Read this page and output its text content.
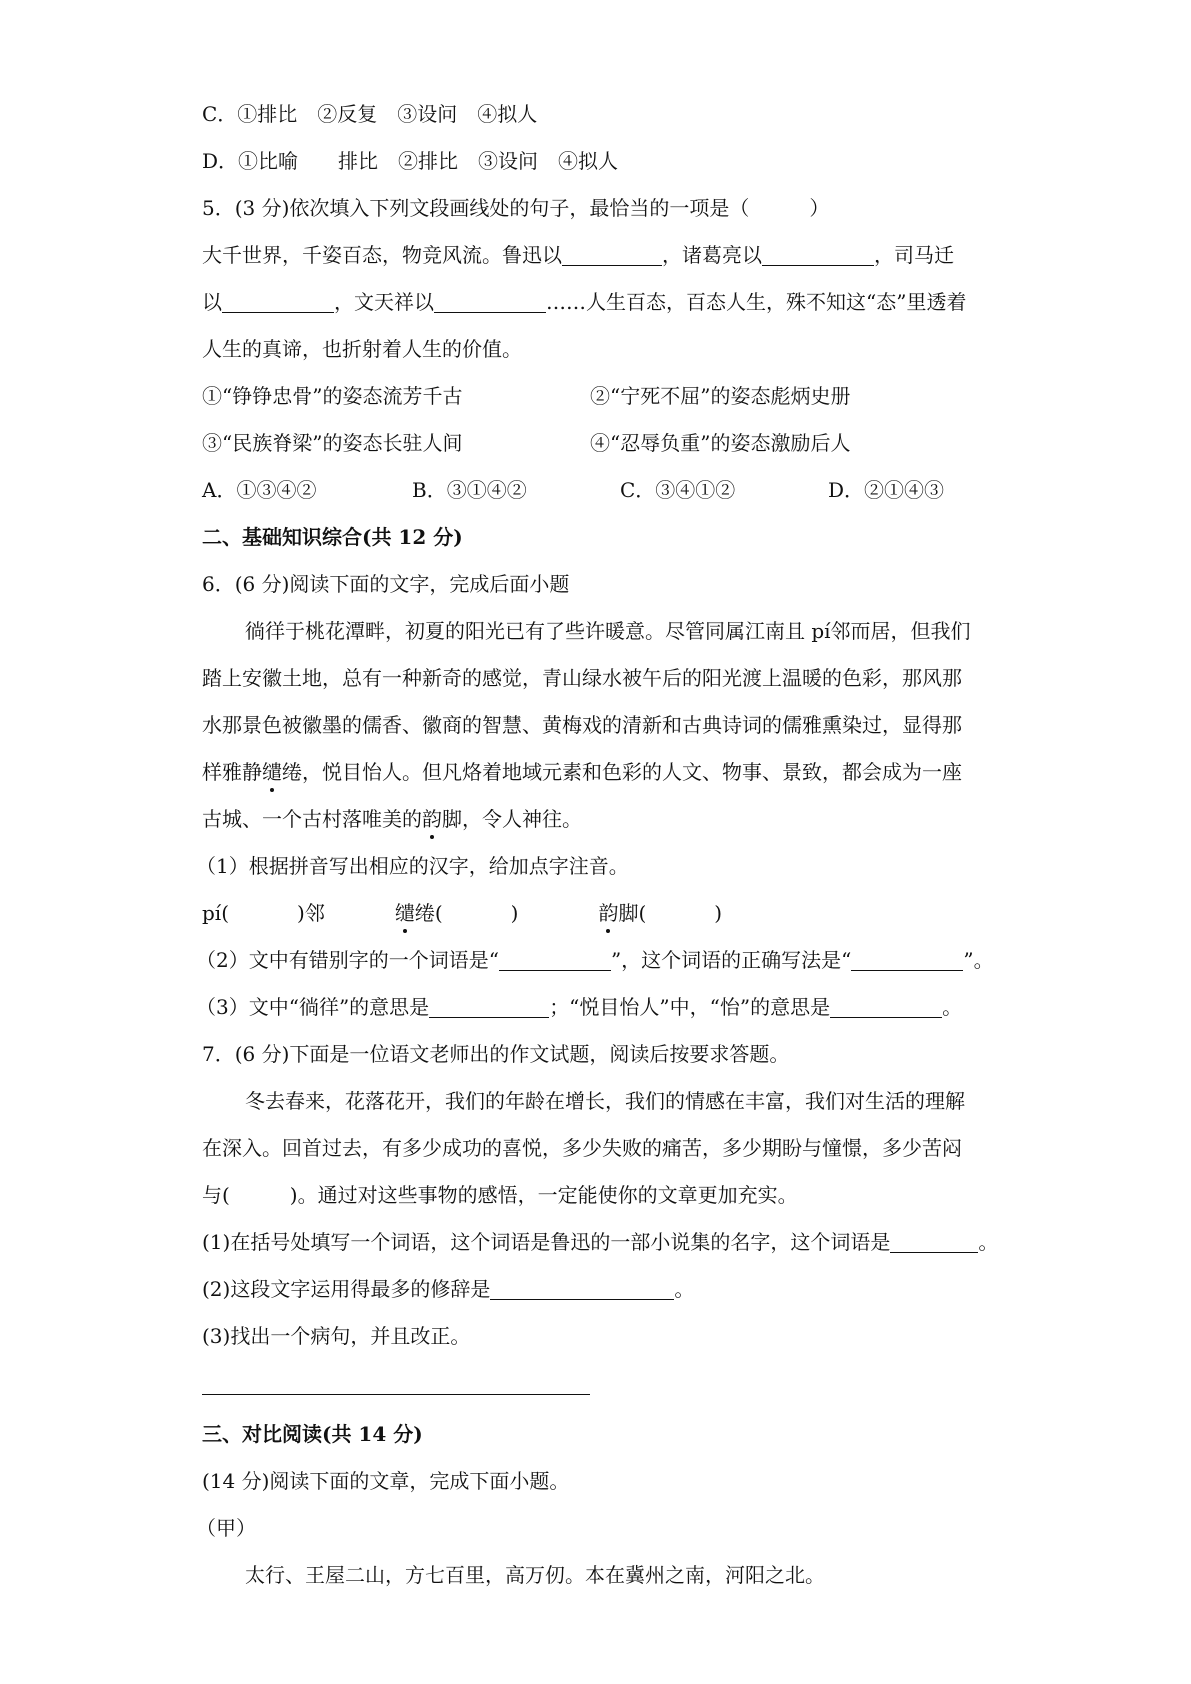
C．①排比　②反复　③设问　④拟人
D．①比喻　　排比　②排比　③设问　④拟人
5．(3 分)依次填入下列文段画线处的句子，最恰当的一项是（　　　）
大千世界，千姿百态，物竞风流。鲁迅以	，诸葛亮以	，司马迁
以	，文天祥以	……人生百态，百态人生，殊不知这“态”里透着
人生的真谛，也折射着人生的价值。
①“铮铮忠骨”的姿态流芳千古	②“宁死不屈”的姿态彪炳史册
③“民族脊梁”的姿态长驻人间	④“忍辱负重”的姿态激励后人
A．①③④②	B．③①④②	C．③④①②	D．②①④③
二、基础知识综合(共 12 分)
6．(6 分)阅读下面的文字，完成后面小题
徜徉于桃花潭畔，初夏的阳光已有了些许暖意。尽管同属江南且 pí邻而居，但我们
踏上安徽土地，总有一种新奇的感觉，青山绿水被午后的阳光渡上温暖的色彩，那风那
水那景色被徽墨的儒香、徽商的智慧、黄梅戏的清新和古典诗词的儒雅熏染过，显得那
样雅静缱绻，悦目怡人。但凡烙着地域元素和色彩的人文、物事、景致，都会成为一座
古城、一个古村落唯美的韵脚，令人神往。
（1）根据拼音写出相应的汉字，给加点字注音。
pí(	)邻	缱绻(	)	韵脚(	)
（2）文中有错别字的一个词语是“	”，这个词语的正确写法是“	”。
（3）文中“徜徉”的意思是	；“悦目怡人”中，“怡”的意思是	。
7．(6 分)下面是一位语文老师出的作文试题，阅读后按要求答题。
冬去春来，花落花开，我们的年龄在增长，我们的情感在丰富，我们对生活的理解
在深入。回首过去，有多少成功的喜悦，多少失败的痛苦，多少期盼与憧憬，多少苦闷
与(　　　)。通过对这些事物的感悟，一定能使你的文章更加充实。
(1)在括号处填写一个词语，这个词语是鲁迅的一部小说集的名字，这个词语是	。
(2)这段文字运用得最多的修辞是	。
(3)找出一个病句，并且改正。
三、对比阅读(共 14 分)
(14 分)阅读下面的文章，完成下面小题。
（甲）
太行、王屋二山，方七百里，高万仞。本在冀州之南，河阳之北。
